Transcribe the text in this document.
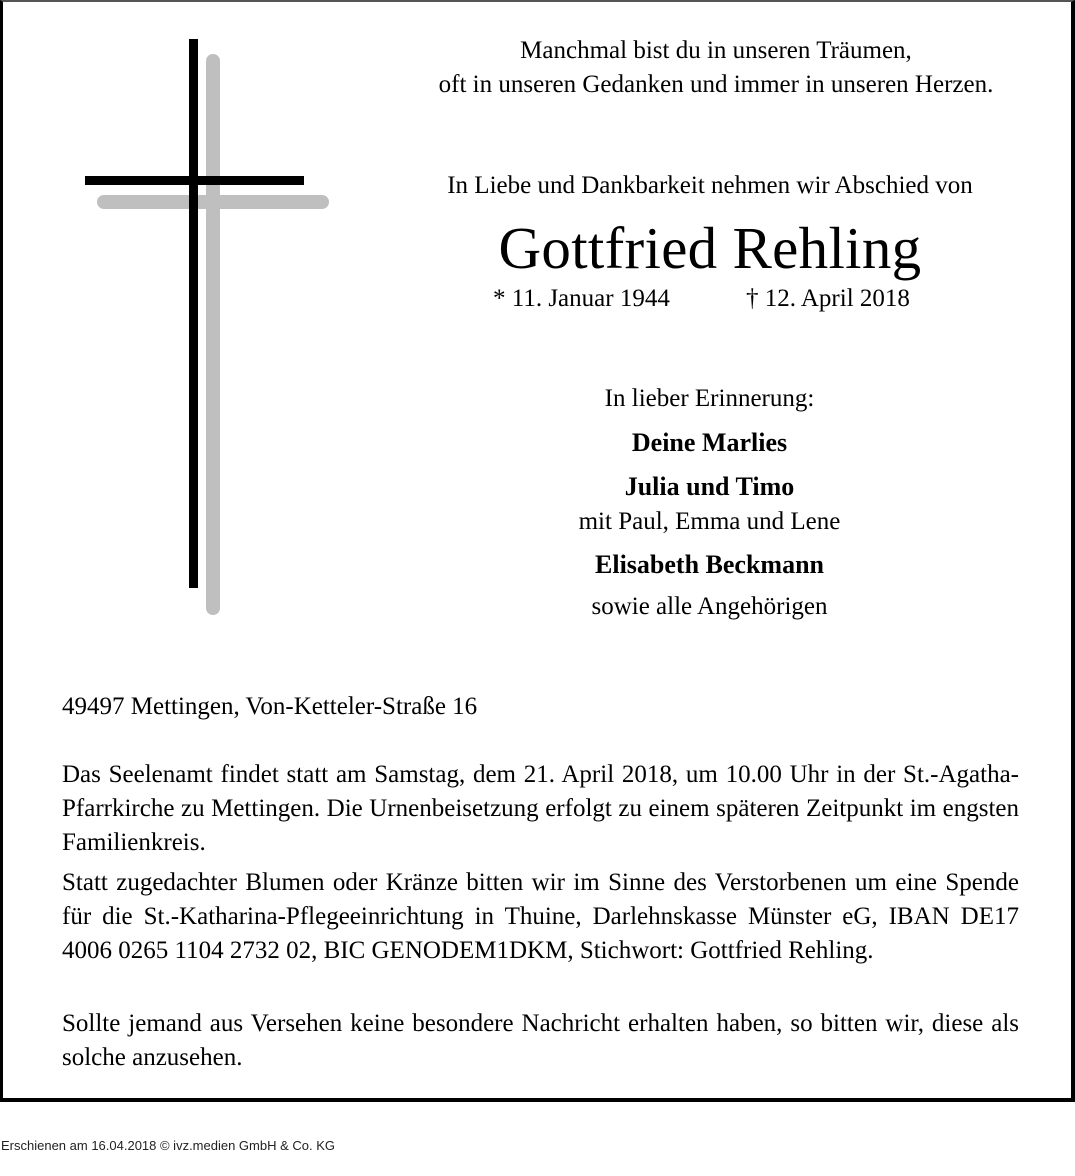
Manchmal bist du in unseren Träumen,
oft in unseren Gedanken und immer in unseren Herzen.
In Liebe und Dankbarkeit nehmen wir Abschied von
Gottfried Rehling
* 11. Januar 1944	† 12. April 2018
In lieber Erinnerung:
Deine Marlies
Julia und Timo
mit Paul, Emma und Lene
Elisabeth Beckmann
sowie alle Angehörigen
49497 Mettingen, Von-Ketteler-Straße 16

Das Seelenamt findet statt am Samstag, dem 21. April 2018, um 10.00 Uhr in der St.-Agatha-Pfarrkirche zu Mettingen. Die Urnenbeisetzung erfolgt zu einem späteren Zeitpunkt im engsten Familienkreis.

Statt zugedachter Blumen oder Kränze bitten wir im Sinne des Verstorbenen um eine Spende für die St.-Katharina-Pflegeeinrichtung in Thuine, Darlehnskasse Münster eG, IBAN DE17 4006 0265 1104 2732 02, BIC GENODEM1DKM, Stichwort: Gottfried Rehling.

Sollte jemand aus Versehen keine besondere Nachricht erhalten haben, so bitten wir, diese als solche anzusehen.

Erschienen am 16.04.2018 © ivz.medien GmbH & Co. KG
